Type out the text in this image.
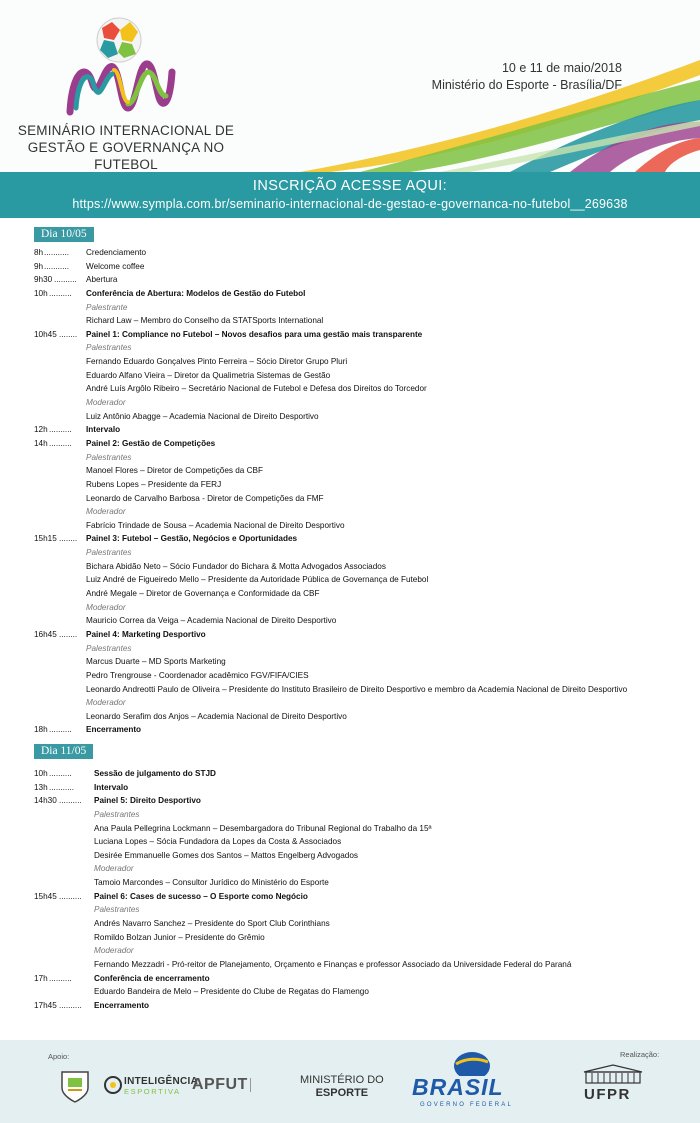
SEMINÁRIO INTERNACIONAL DE
GESTÃO E GOVERNANÇA NO FUTEBOL
10 e 11 de maio/2018
Ministério do Esporte - Brasília/DF
INSCRIÇÃO ACESSE AQUI:
https://www.sympla.com.br/seminario-internacional-de-gestao-e-governanca-no-futebol__269638
Dia 10/05
8h ........... Credenciamento
9h ........... Welcome coffee
9h30 .......... Abertura
10h .......... Conferência de Abertura: Modelos de Gestão do Futebol
Palestrante
Richard Law – Membro do Conselho da STATSports International
10h45 ........ Painel 1: Compliance no Futebol – Novos desafios para uma gestão mais transparente
Palestrantes
Fernando Eduardo Gonçalves Pinto Ferreira – Sócio Diretor Grupo Pluri
Eduardo Alfano Vieira – Diretor da Qualimetria Sistemas de Gestão
André Luís Argôlo Ribeiro – Secretário Nacional de Futebol e Defesa dos Direitos do Torcedor
Moderador
Luiz Antônio Abagge – Academia Nacional de Direito Desportivo
12h .......... Intervalo
14h .......... Painel 2: Gestão de Competições
Palestrantes
Manoel Flores – Diretor de Competições da CBF
Rubens Lopes – Presidente da FERJ
Leonardo de Carvalho Barbosa - Diretor de Competições da FMF
Moderador
Fabrício Trindade de Sousa – Academia Nacional de Direito Desportivo
15h15 ........ Painel 3: Futebol – Gestão, Negócios e Oportunidades
Palestrantes
Bichara Abidão Neto – Sócio Fundador do Bichara & Motta Advogados Associados
Luiz André de Figueiredo Mello – Presidente da Autoridade Pública de Governança de Futebol
André Megale – Diretor de Governança e Conformidade da CBF
Moderador
Mauricio Correa da Veiga – Academia Nacional de Direito Desportivo
16h45 ........ Painel 4: Marketing Desportivo
Palestrantes
Marcus Duarte – MD Sports Marketing
Pedro Trengrouse - Coordenador acadêmico FGV/FIFA/CIES
Leonardo Andreotti Paulo de Oliveira – Presidente do Instituto Brasileiro de Direito Desportivo e membro da Academia Nacional de Direito Desportivo
Moderador
Leonardo Serafim dos Anjos – Academia Nacional de Direito Desportivo
18h .......... Encerramento
Dia 11/05
10h ..........	Sessão de julgamento do STJD
13h ........... Intervalo
14h30 .......... Painel 5: Direito Desportivo
Palestrantes
Ana Paula Pellegrina Lockmann – Desembargadora do Tribunal Regional do Trabalho da 15ª
Luciana Lopes – Sócia Fundadora da Lopes da Costa & Associados
Desirée Emmanuelle Gomes dos Santos – Mattos Engelberg Advogados
Moderador
Tamoio Marcondes – Consultor Jurídico do Ministério do Esporte
15h45 .......... Painel 6: Cases de sucesso – O Esporte como Negócio
Palestrantes
Andrés Navarro Sanchez – Presidente do Sport Club Corinthians
Romildo Bolzan Junior – Presidente do Grêmio
Moderador
Fernando Mezzadri - Pró-reitor de Planejamento, Orçamento e Finanças e professor Associado da Universidade Federal do Paraná
17h ..........	Conferência de encerramento
Eduardo Bandeira de Melo – Presidente do Clube de Regatas do Flamengo
17h45 .......... Encerramento
Apoio:	Realização:
INTELIGÊNCIA
ESPORTIVA APFUT	MINISTÉRIO DO
ESPORTE	BRASIL
GOVERNO FEDERAL
UFPR
